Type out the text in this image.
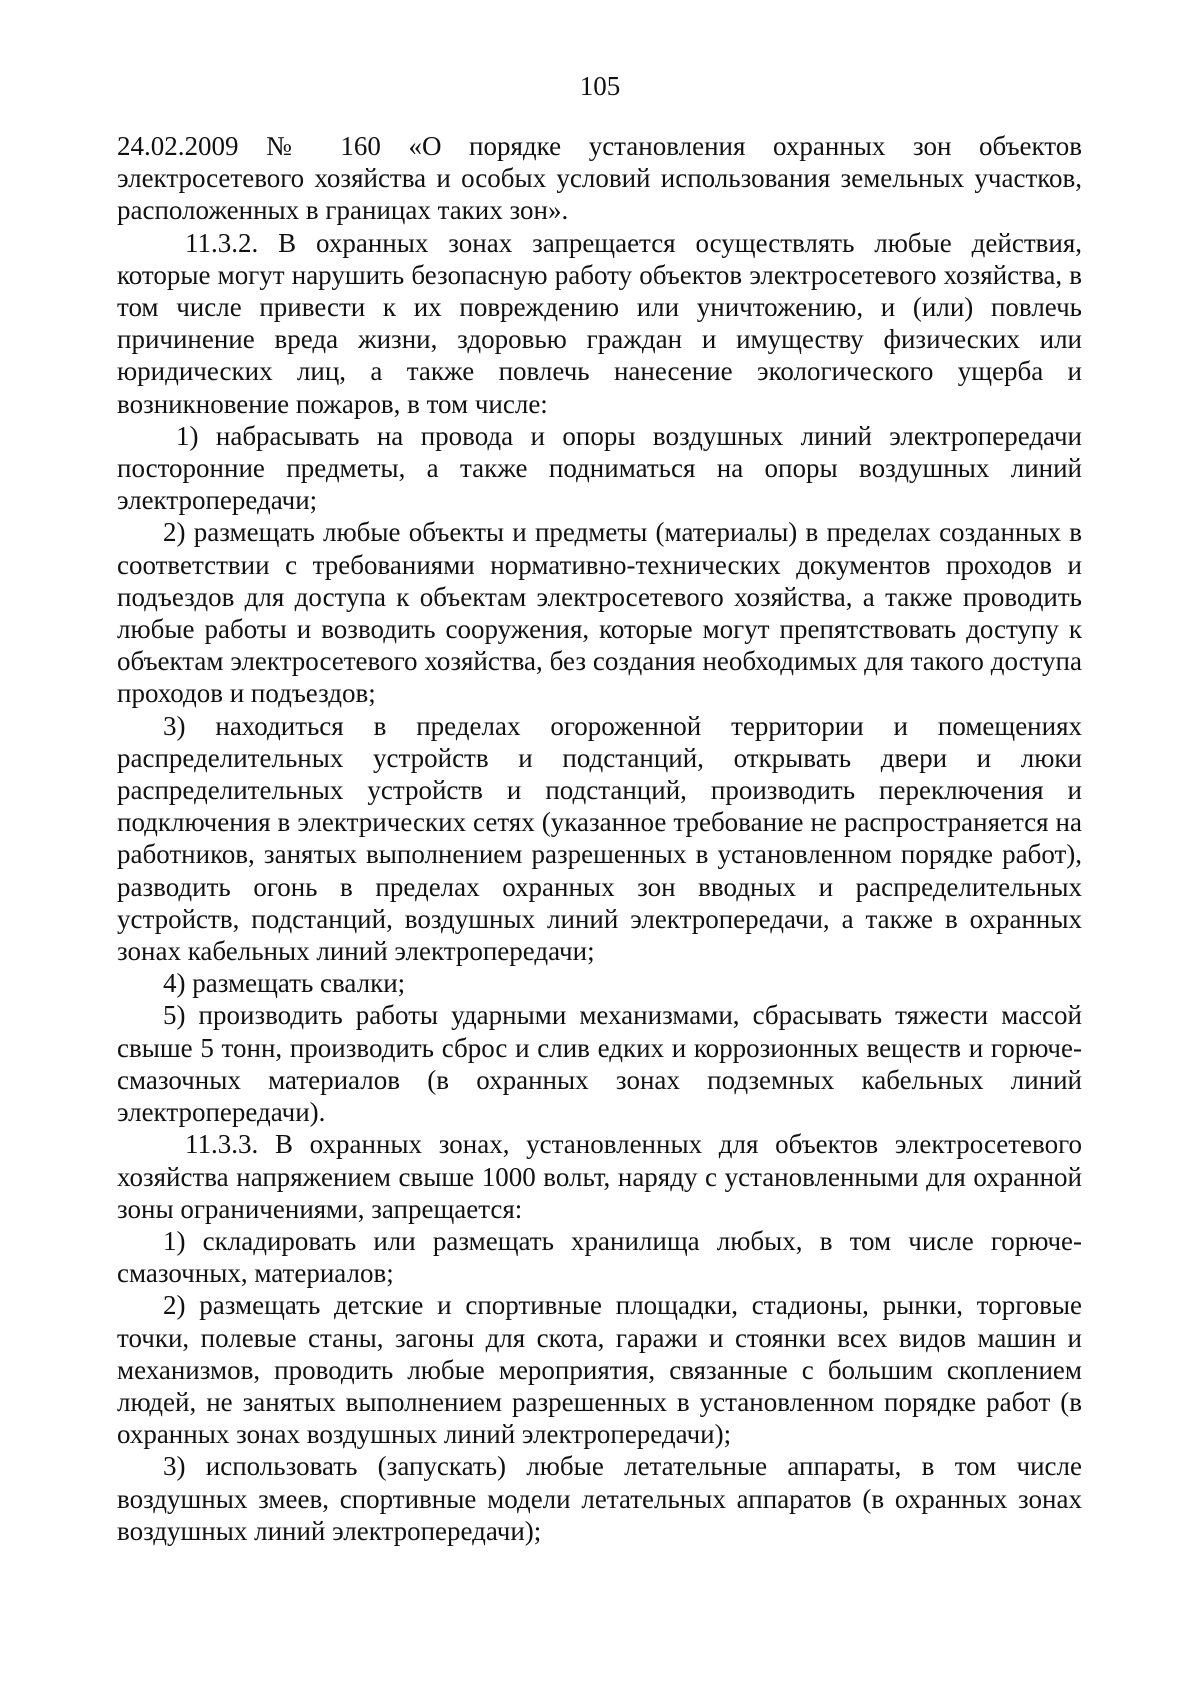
105

24.02.2009 № 160 «О порядке установления охранных зон объектов электросетевого хозяйства и особых условий использования земельных участков, расположенных в границах таких зон».

11.3.2. В охранных зонах запрещается осуществлять любые действия, которые могут нарушить безопасную работу объектов электросетевого хозяйства, в том числе привести к их повреждению или уничтожению, и (или) повлечь причинение вреда жизни, здоровью граждан и имуществу физических или юридических лиц, а также повлечь нанесение экологического ущерба и возникновение пожаров, в том числе:

1) набрасывать на провода и опоры воздушных линий электропередачи посторонние предметы, а также подниматься на опоры воздушных линий электропередачи;

2) размещать любые объекты и предметы (материалы) в пределах созданных в соответствии с требованиями нормативно-технических документов проходов и подъездов для доступа к объектам электросетевого хозяйства, а также проводить любые работы и возводить сооружения, которые могут препятствовать доступу к объектам электросетевого хозяйства, без создания необходимых для такого доступа проходов и подъездов;

3) находиться в пределах огороженной территории и помещениях распределительных устройств и подстанций, открывать двери и люки распределительных устройств и подстанций, производить переключения и подключения в электрических сетях (указанное требование не распространяется на работников, занятых выполнением разрешенных в установленном порядке работ), разводить огонь в пределах охранных зон вводных и распределительных устройств, подстанций, воздушных линий электропередачи, а также в охранных зонах кабельных линий электропередачи;

4) размещать свалки;

5) производить работы ударными механизмами, сбрасывать тяжести массой свыше 5 тонн, производить сброс и слив едких и коррозионных веществ и горюче-смазочных материалов (в охранных зонах подземных кабельных линий электропередачи).

11.3.3. В охранных зонах, установленных для объектов электросетевого хозяйства напряжением свыше 1000 вольт, наряду с установленными для охранной зоны ограничениями, запрещается:

1) складировать или размещать хранилища любых, в том числе горюче-смазочных, материалов;

2) размещать детские и спортивные площадки, стадионы, рынки, торговые точки, полевые станы, загоны для скота, гаражи и стоянки всех видов машин и механизмов, проводить любые мероприятия, связанные с большим скоплением людей, не занятых выполнением разрешенных в установленном порядке работ (в охранных зонах воздушных линий электропередачи);

3) использовать (запускать) любые летательные аппараты, в том числе воздушных змеев, спортивные модели летательных аппаратов (в охранных зонах воздушных линий электропередачи);
